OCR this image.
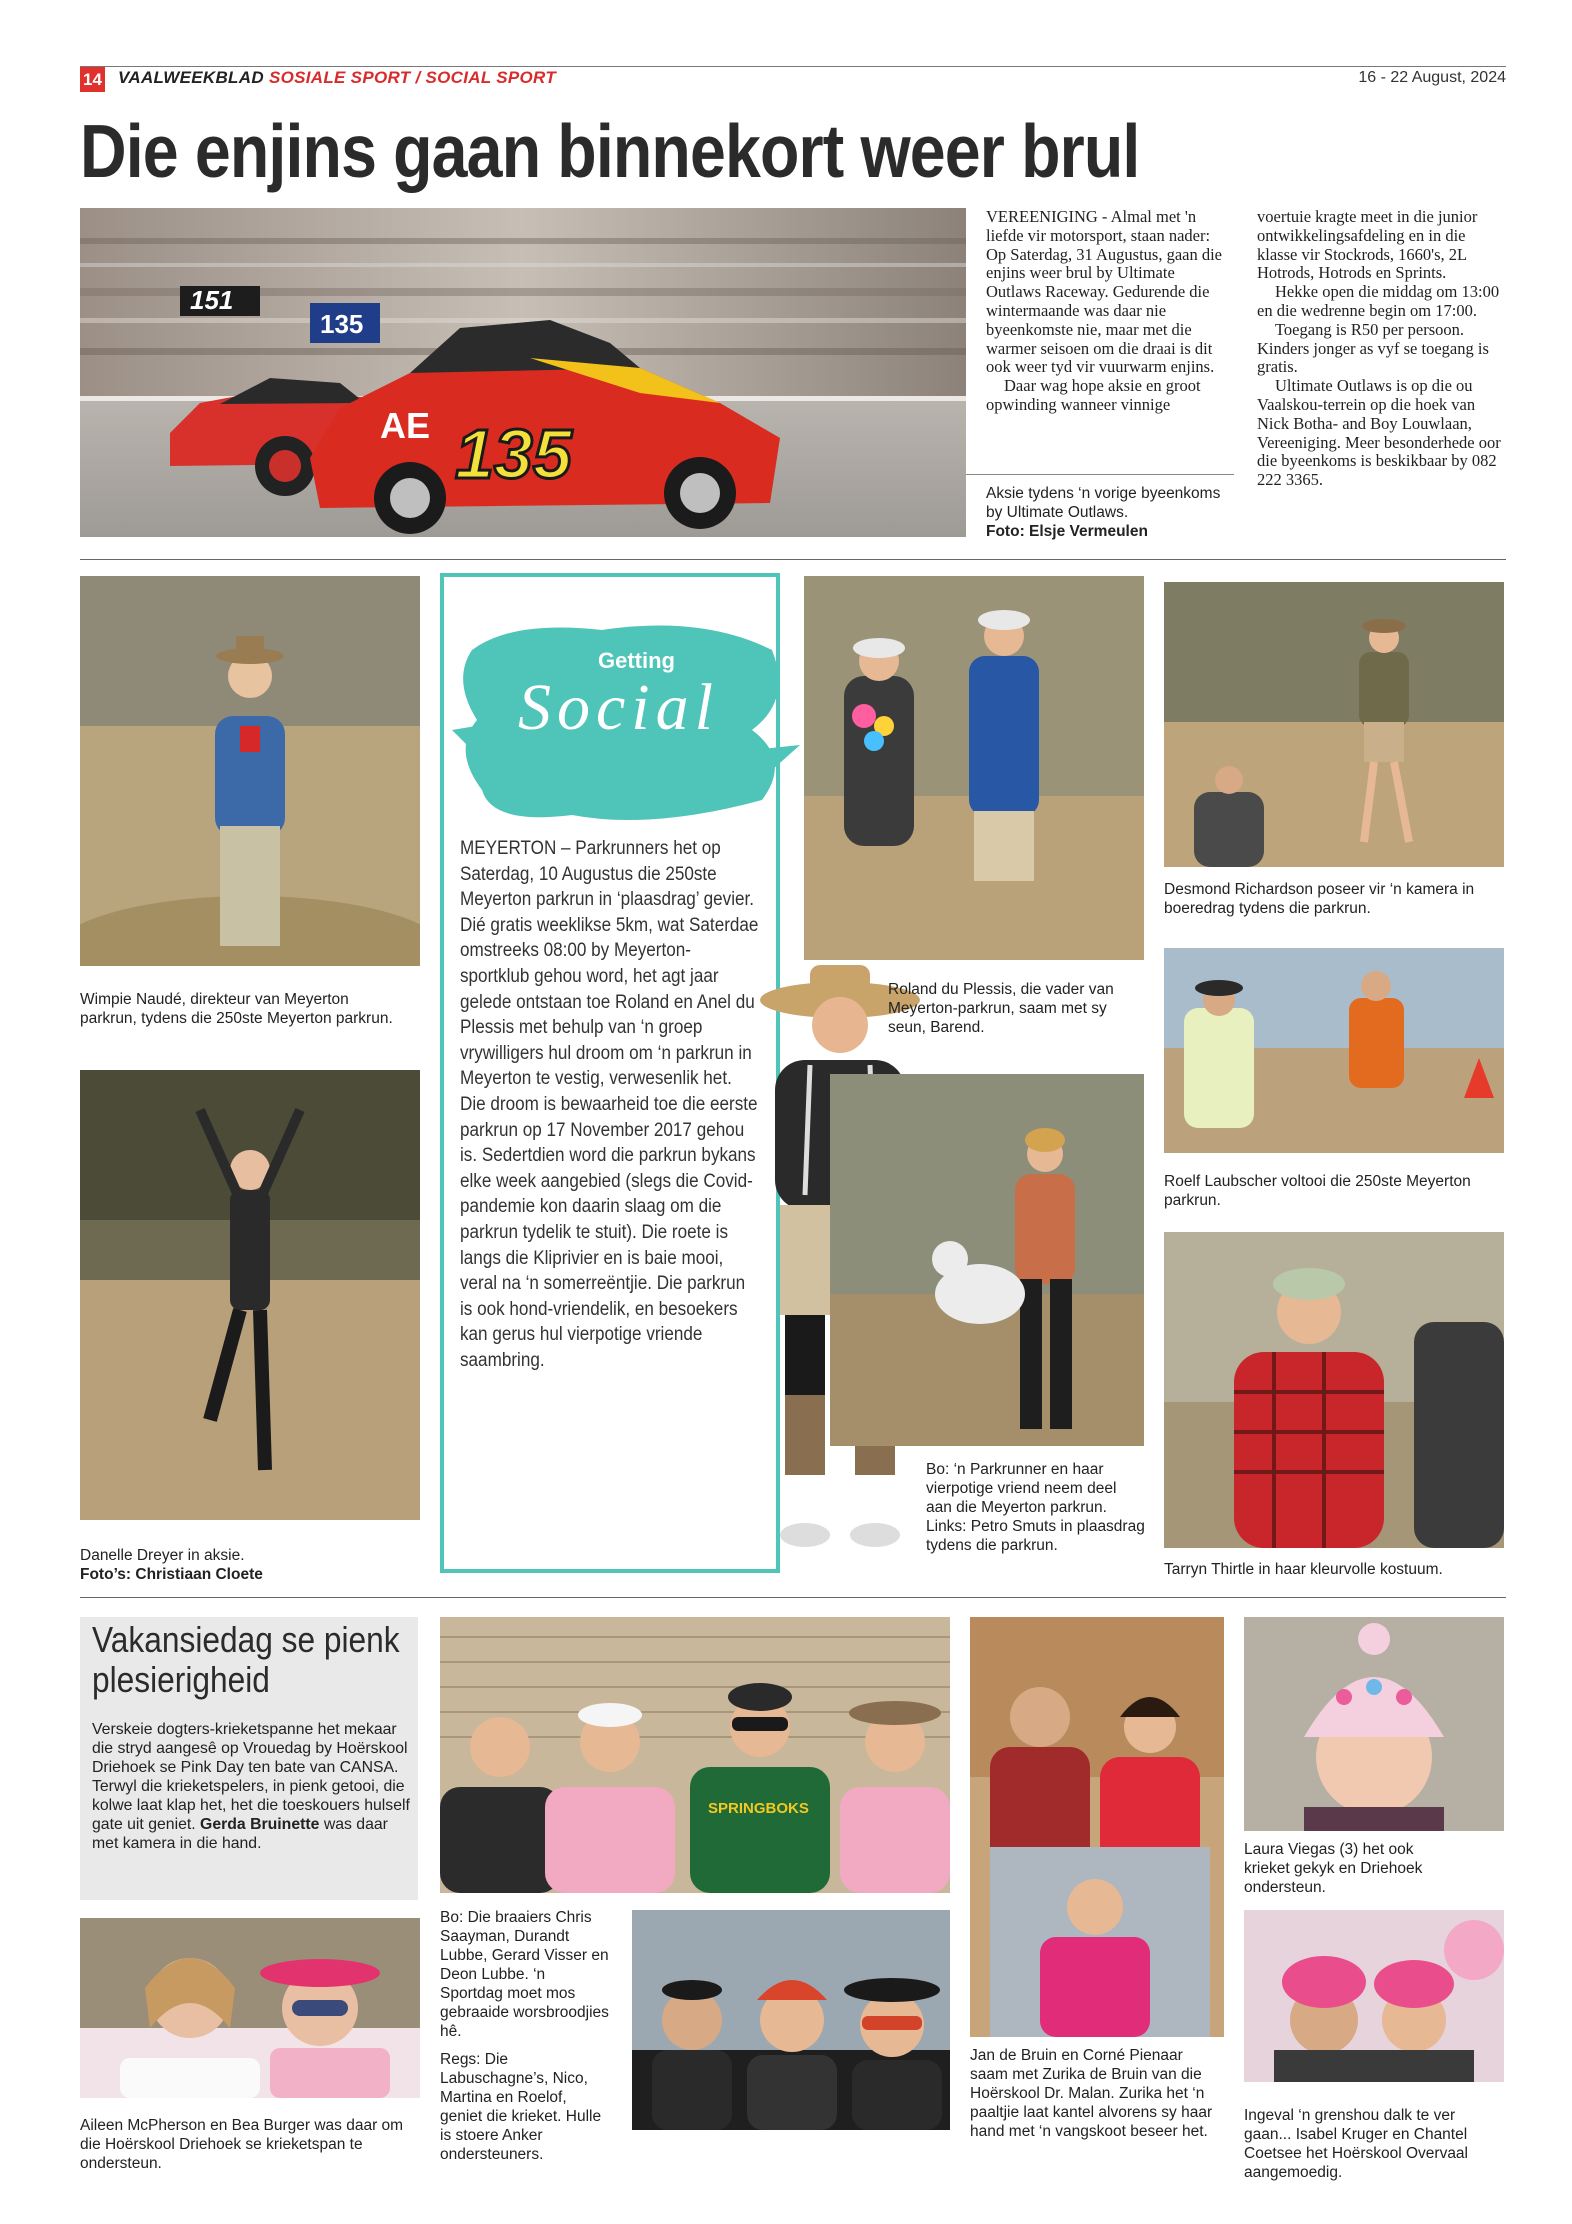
14 VAALWEEKBLAD SOSIALE SPORT / SOCIAL SPORT	16 - 22 August, 2024
Die enjins gaan binnekort weer brul
151
135
135
AE

VEREENIGING - Almal met 'n liefde vir motorsport, staan nader: Op Saterdag, 31 Augustus, gaan die enjins weer brul by Ultimate Outlaws Raceway. Gedurende die wintermaande was daar nie byeenkomste nie, maar met die warmer seisoen om die draai is dit ook weer tyd vir vuurwarm enjins.

Daar wag hope aksie en groot opwinding wanneer vinnige

Aksie tydens ‘n vorige byeenkoms by Ultimate Outlaws.
Foto: Elsje Vermeulen

voertuie kragte meet in die junior ontwikkelingsafdeling en in die klasse vir Stockrods, 1660's, 2L Hotrods, Hotrods en Sprints.

Hekke open die middag om 13:00 en die wedrenne begin om 17:00.

Toegang is R50 per persoon. Kinders jonger as vyf se toegang is gratis.

Ultimate Outlaws is op die ou Vaalskou-terrein op die hoek van Nick Botha- and Boy Louwlaan, Vereeniging. Meer besonderhede oor die byeenkoms is beskikbaar by 082 222 3365.

Wimpie Naudé, direkteur van Meyerton parkrun, tydens die 250ste Meyerton parkrun.
Danelle Dreyer in aksie.
Foto’s: Christiaan Cloete
Getting
Social
MEYERTON – Parkrunners het op Saterdag, 10 Augustus die 250ste Meyerton parkrun in ‘plaasdrag’ gevier. Dié gratis weeklikse 5km, wat Saterdae omstreeks 08:00 by Meyerton-sportklub gehou word, het agt jaar gelede ontstaan toe Roland en Anel du Plessis met behulp van ‘n groep vrywilligers hul droom om ‘n parkrun in Meyerton te vestig, verwesenlik het. Die droom is bewaarheid toe die eerste parkrun op 17 November 2017 gehou is. Sedertdien word die parkrun bykans elke week aangebied (slegs die Covid-pandemie kon daarin slaag om die parkrun tydelik te stuit). Die roete is langs die Kliprivier en is baie mooi, veral na ‘n somerreëntjie. Die parkrun is ook hond-vriendelik, en besoekers kan gerus hul vierpotige vriende saambring.
Roland du Plessis, die vader van Meyerton-parkrun, saam met sy seun, Barend.
Bo: ‘n Parkrunner en haar vierpotige vriend neem deel aan die Meyerton parkrun. Links: Petro Smuts in plaasdrag tydens die parkrun.
Desmond Richardson poseer vir ‘n kamera in boeredrag tydens die parkrun.
Roelf Laubscher voltooi die 250ste Meyerton parkrun.
Tarryn Thirtle in haar kleurvolle kostuum.
Vakansiedag se pienk plesierigheid
Verskeie dogters-krieketspanne het mekaar die stryd aangesê op Vrouedag by Hoërskool Driehoek se Pink Day ten bate van CANSA. Terwyl die krieketspelers, in pienk getooi, die kolwe laat klap het, het die toeskouers hulself gate uit geniet. Gerda Bruinette was daar met kamera in die hand.
Aileen McPherson en Bea Burger was daar om die Hoërskool Driehoek se krieketspan te ondersteun.
SPRINGBOKS
Bo: Die braaiers Chris Saayman, Durandt Lubbe, Gerard Visser en Deon Lubbe. ‘n Sportdag moet mos gebraaide worsbroodjies hê.
Regs: Die Labuschagne’s, Nico, Martina en Roelof, geniet die krieket. Hulle is stoere Anker ondersteuners.
Jan de Bruin en Corné Pienaar saam met Zurika de Bruin van die Hoërskool Dr. Malan. Zurika het ‘n paaltjie laat kantel alvorens sy haar hand met ‘n vangskoot beseer het.
Laura Viegas (3) het ook krieket gekyk en Driehoek ondersteun.
Ingeval ‘n grenshou dalk te ver gaan... Isabel Kruger en Chantel Coetsee het Hoërskool Overvaal aangemoedig.
